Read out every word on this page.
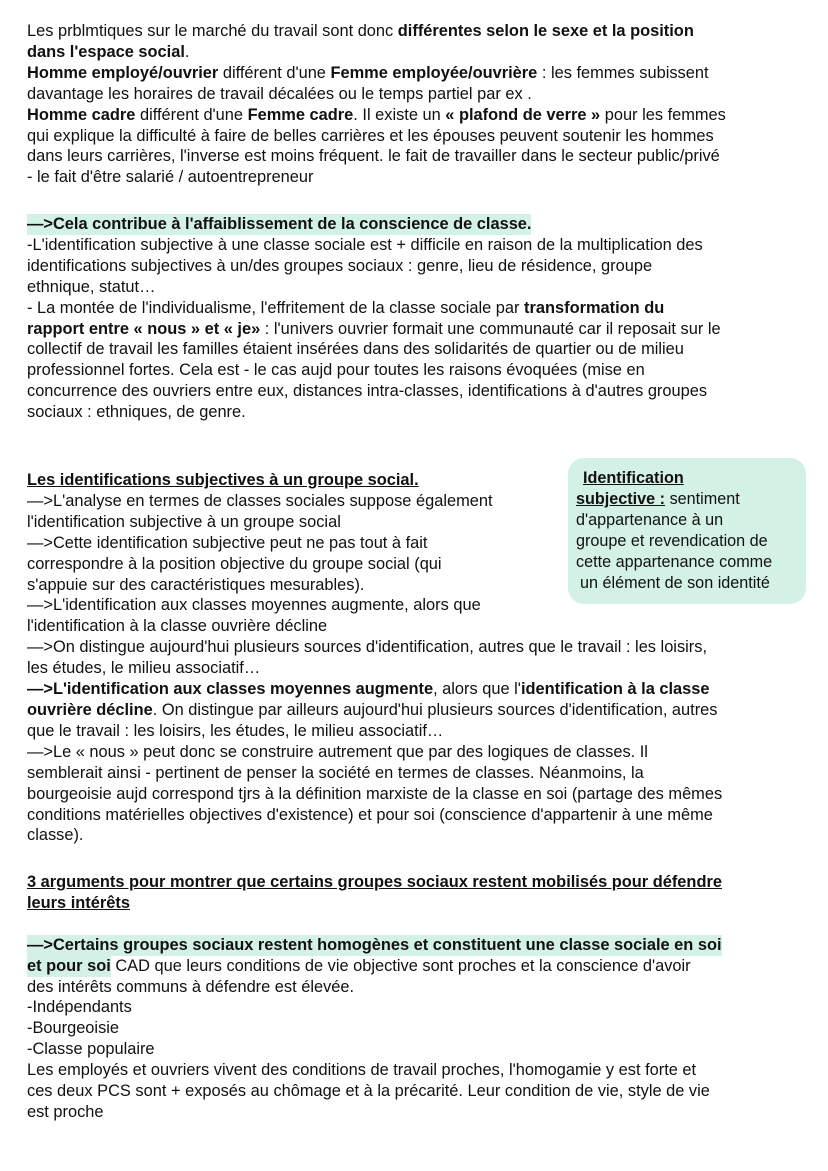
Les prblmtiques sur le marché du travail sont donc différentes selon le sexe et la position

dans l'espace social.

Homme employé/ouvrier différent d'une Femme employée/ouvrière : les femmes subissent

davantage les horaires de travail décalées ou le temps partiel par ex .

Homme cadre différent d'une Femme cadre. Il existe un « plafond de verre » pour les femmes

qui explique la difficulté à faire de belles carrières et les épouses peuvent soutenir les hommes

dans leurs carrières, l'inverse est moins fréquent. le fait de travailler dans le secteur public/privé

- le fait d'être salarié / autoentrepreneur

—>Cela contribue à l'affaiblissement de la conscience de classe.

-L'identification subjective à une classe sociale est + difficile en raison de la multiplication des

identifications subjectives à un/des groupes sociaux : genre, lieu de résidence, groupe

ethnique, statut…

- La montée de l'individualisme, l'effritement de la classe sociale par transformation du

rapport entre « nous » et « je» : l'univers ouvrier formait une communauté car il reposait sur le

collectif de travail les familles étaient insérées dans des solidarités de quartier ou de milieu

professionnel fortes. Cela est - le cas aujd pour toutes les raisons évoquées (mise en

concurrence des ouvriers entre eux, distances intra-classes, identifications à d'autres groupes

sociaux : ethniques, de genre.

Les identifications subjectives à un groupe social.

—>L'analyse en termes de classes sociales suppose également

l'identification subjective à un groupe social

—>Cette identification subjective peut ne pas tout à fait

correspondre à la position objective du groupe social (qui

s'appuie sur des caractéristiques mesurables).

—>L'identification aux classes moyennes augmente, alors que

l'identification à la classe ouvrière décline

—>On distingue aujourd'hui plusieurs sources d'identification, autres que le travail : les loisirs,

les études, le milieu associatif…

—>L'identification aux classes moyennes augmente, alors que l'identification à la classe

ouvrière décline. On distingue par ailleurs aujourd'hui plusieurs sources d'identification, autres

que le travail : les loisirs, les études, le milieu associatif…

—>Le « nous » peut donc se construire autrement que par des logiques de classes. Il

semblerait ainsi - pertinent de penser la société en termes de classes. Néanmoins, la

bourgeoisie aujd correspond tjrs à la définition marxiste de la classe en soi (partage des mêmes

conditions matérielles objectives d'existence) et pour soi (conscience d'appartenir à une même

classe).

Identification

subjective : sentiment

d'appartenance à un

groupe et revendication de

cette appartenance comme

un élément de son identité

3 arguments pour montrer que certains groupes sociaux restent mobilisés pour défendre

leurs intérêts

—>Certains groupes sociaux restent homogènes et constituent une classe sociale en soi

et pour soi CAD que leurs conditions de vie objective sont proches et la conscience d'avoir

des intérêts communs à défendre est élevée.

-Indépendants

-Bourgeoisie

-Classe populaire

Les employés et ouvriers vivent des conditions de travail proches, l'homogamie y est forte et

ces deux PCS sont + exposés au chômage et à la précarité. Leur condition de vie, style de vie

est proche
